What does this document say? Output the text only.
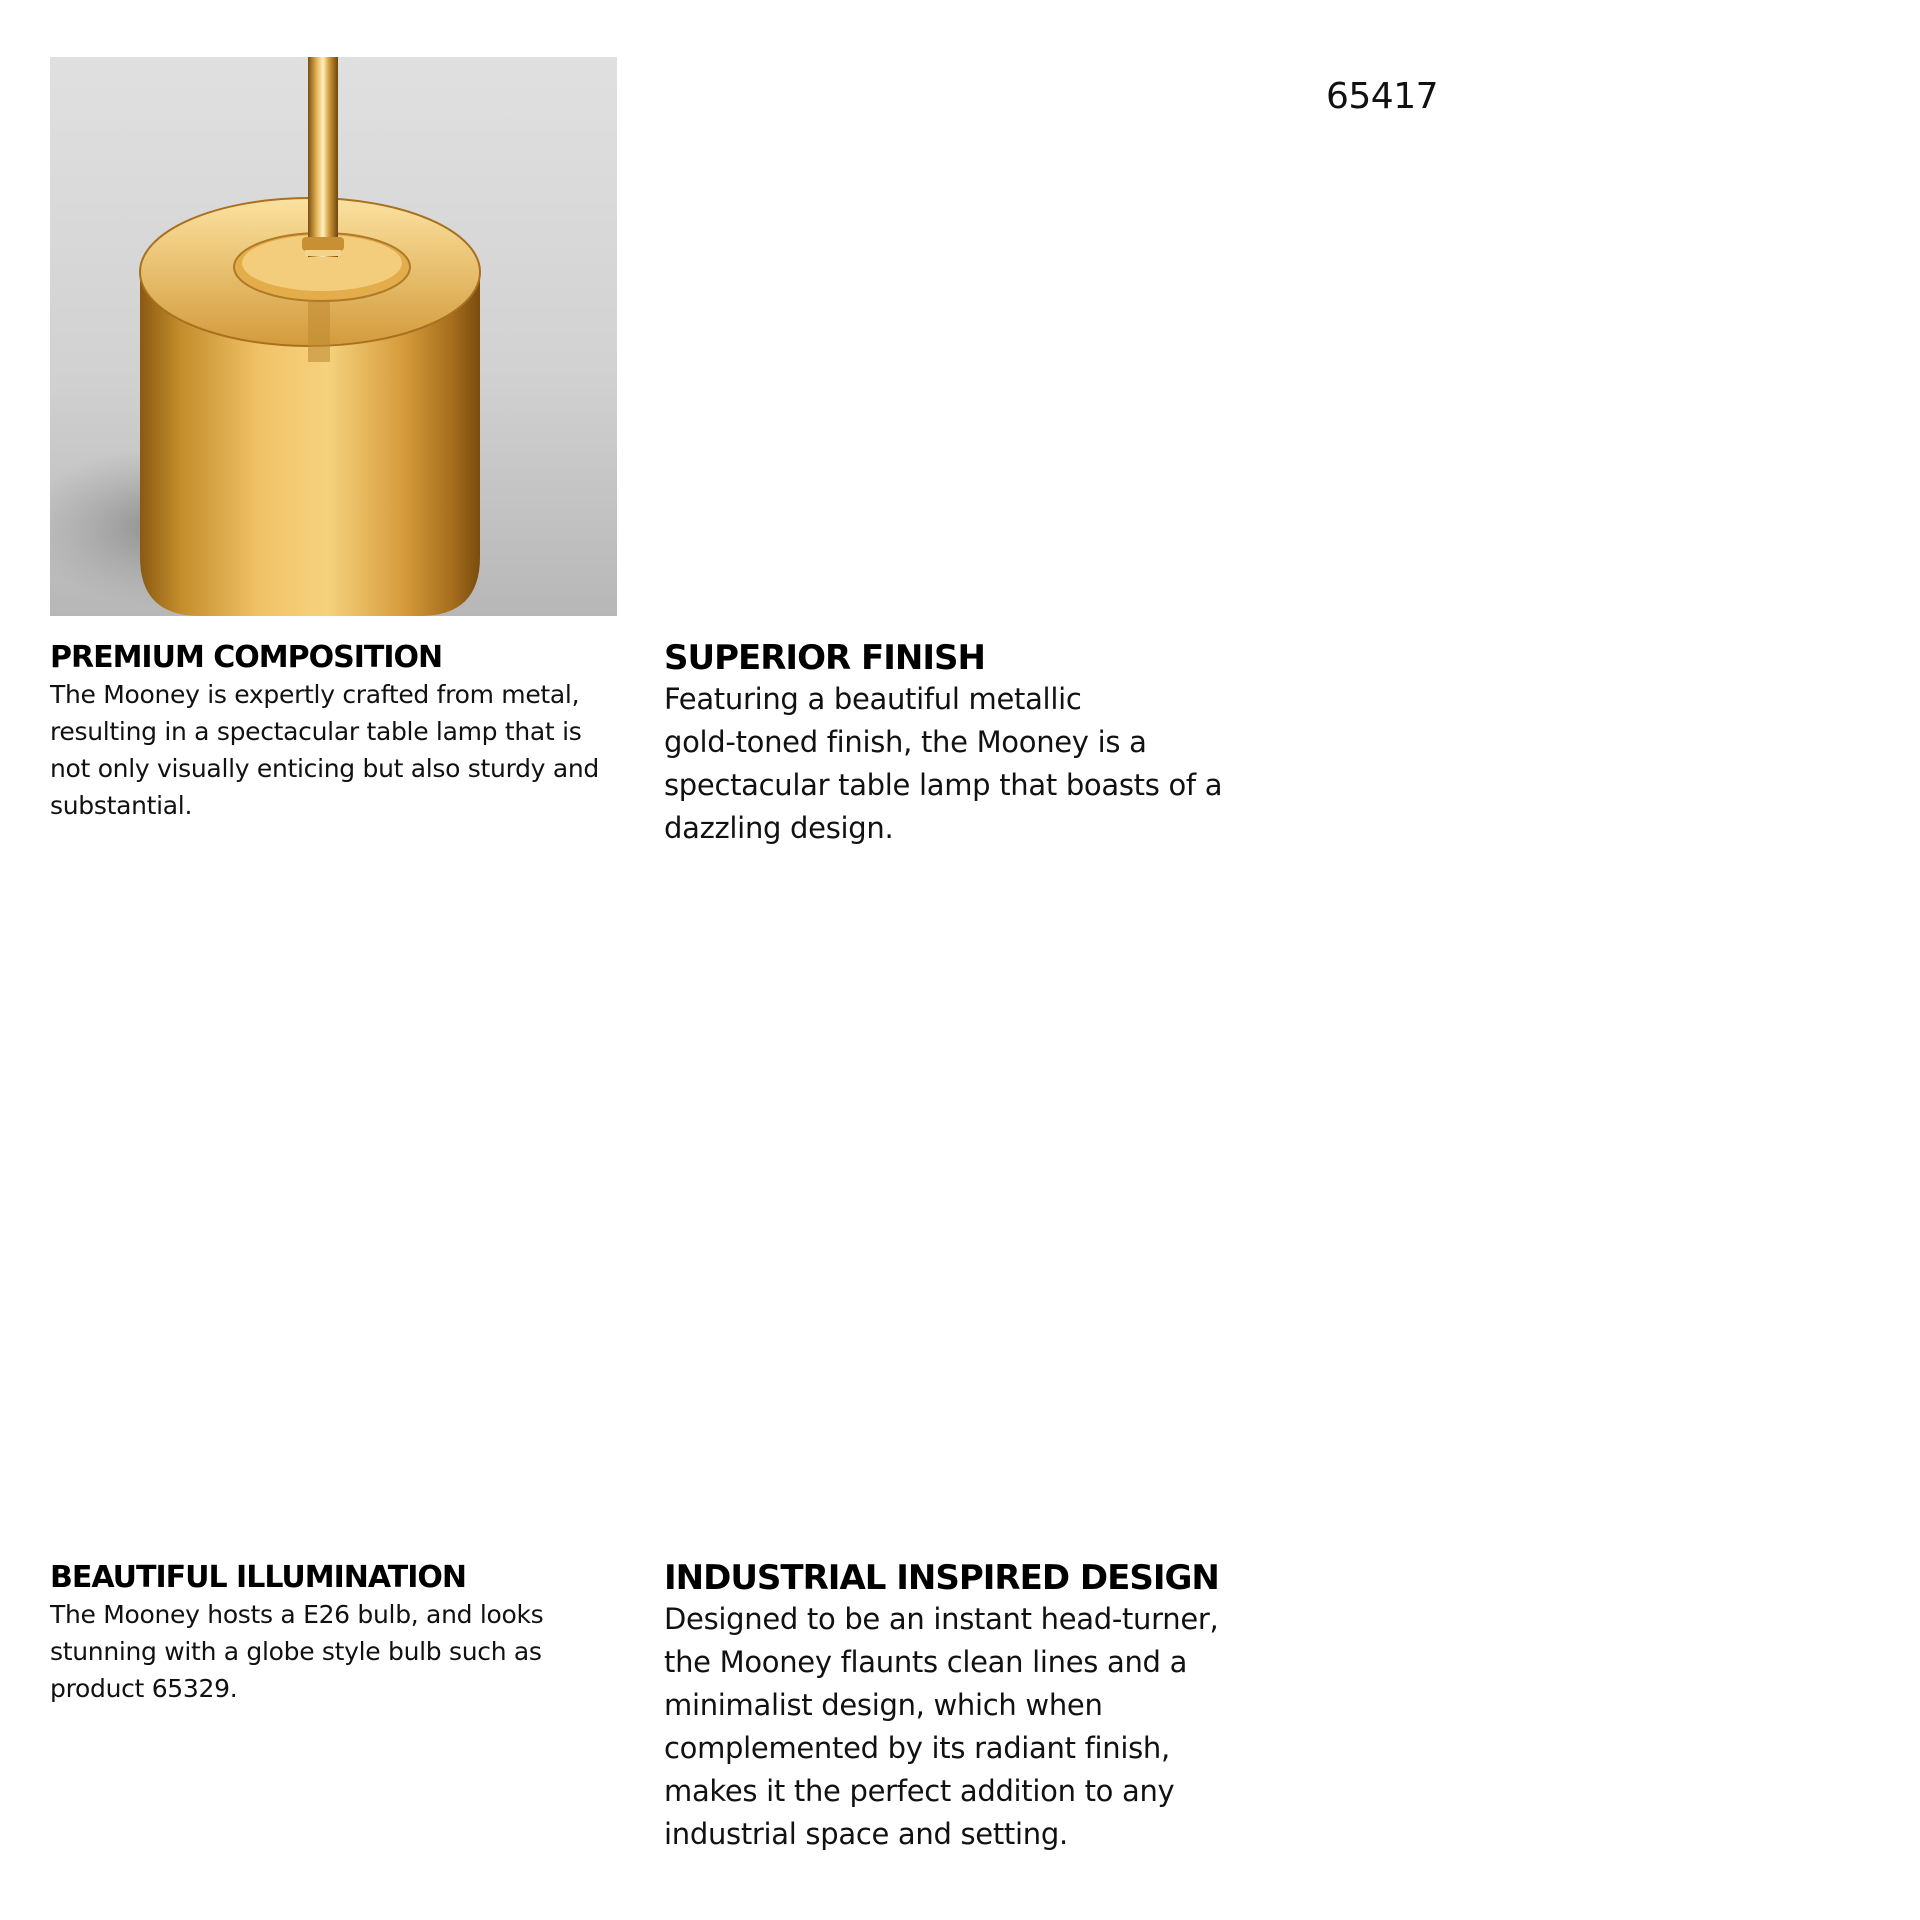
65417
PREMIUM COMPOSITION

The Mooney is expertly crafted from metal,
resulting in a spectacular table lamp that is
not only visually enticing but also sturdy and
substantial.

SUPERIOR FINISH

Featuring a beautiful metallic
gold-toned finish, the Mooney is a
spectacular table lamp that boasts of a
dazzling design.

BEAUTIFUL ILLUMINATION

The Mooney hosts a E26 bulb, and looks
stunning with a globe style bulb such as
product 65329.

INDUSTRIAL INSPIRED DESIGN

Designed to be an instant head-turner,
the Mooney flaunts clean lines and a
minimalist design, which when
complemented by its radiant finish,
makes it the perfect addition to any
industrial space and setting.
